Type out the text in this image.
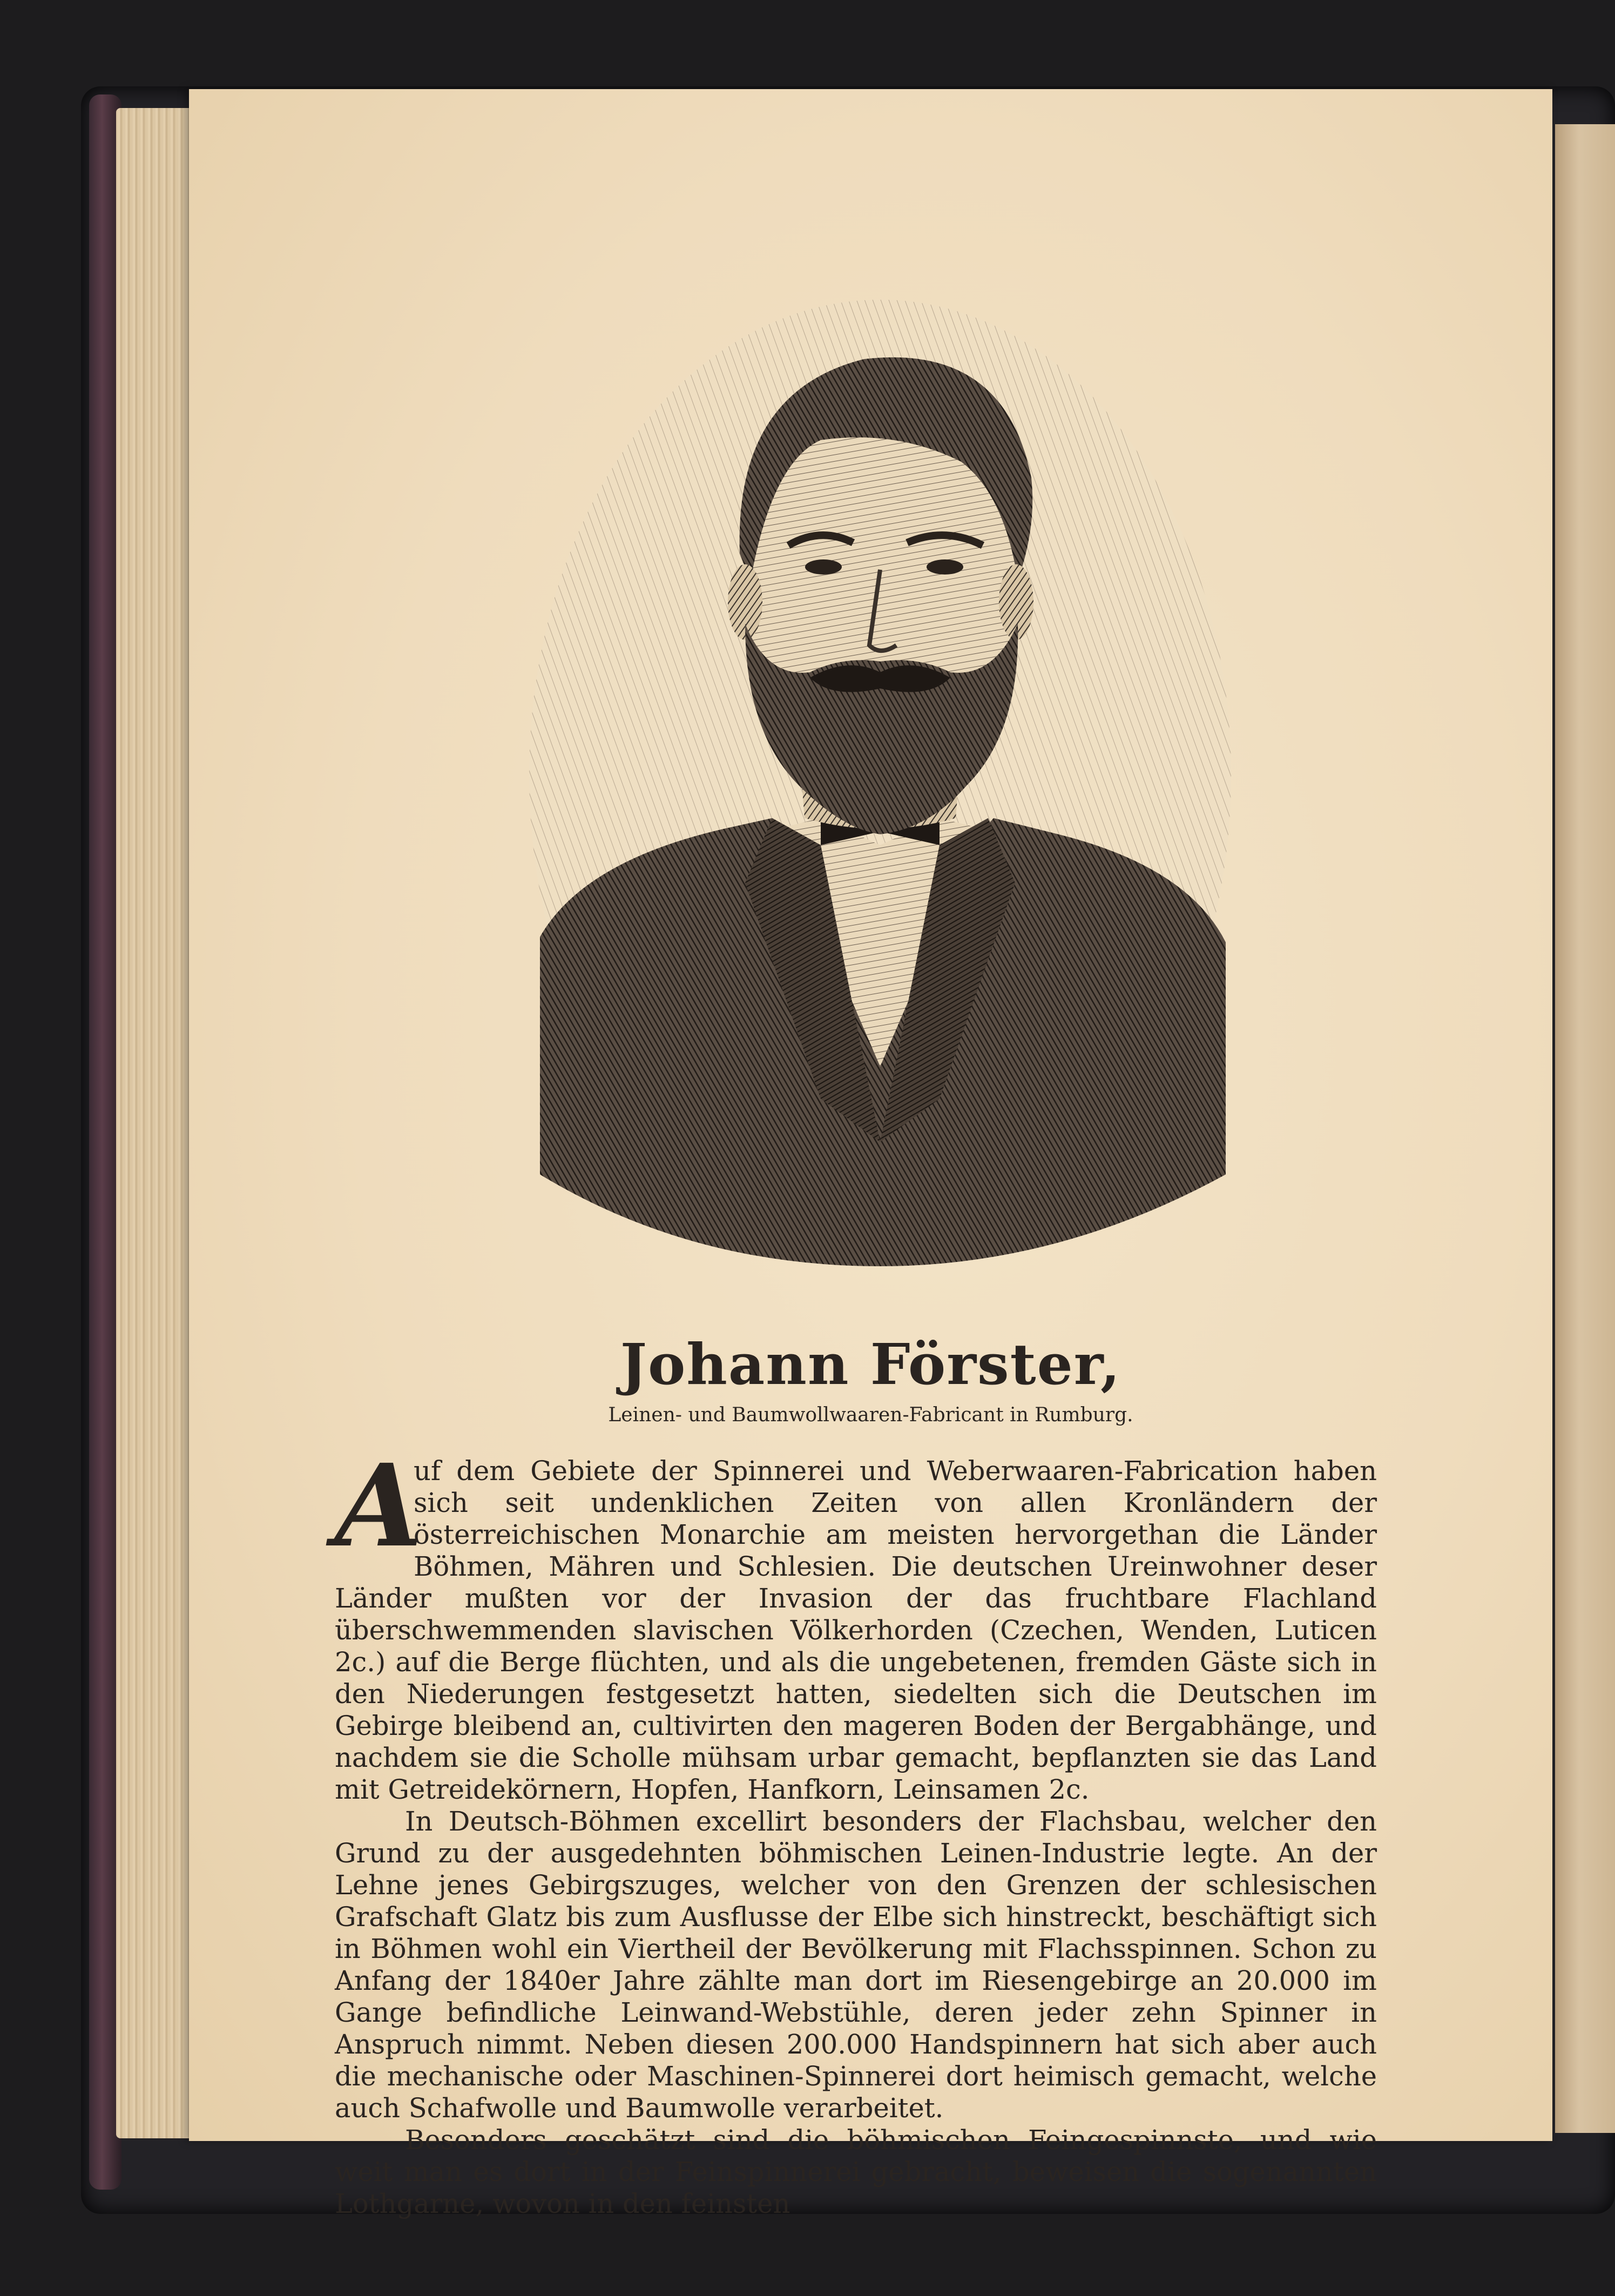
Johann Förster,

Leinen- und Baumwollwaaren-Fabricant in Rumburg.

A
uf dem Gebiete der Spinnerei und Weberwaaren-Fabrication haben sich seit undenklichen Zeiten von allen Kronländern der österreichischen Monarchie am meisten hervorgethan die Länder Böhmen, Mähren und Schlesien. Die deutschen Ureinwohner deser Länder mußten vor der Invasion der das fruchtbare Flachland überschwemmenden slavischen Völkerhorden (Czechen, Wenden, Luticen 2c.) auf die Berge flüchten, und als die ungebetenen, fremden Gäste sich in den Niederungen festgesetzt hatten, siedelten sich die Deutschen im Gebirge bleibend an, cultivirten den mageren Boden der Bergabhänge, und nachdem sie die Scholle mühsam urbar gemacht, bepflanzten sie das Land mit Getreidekörnern, Hopfen, Hanfkorn, Leinsamen 2c.

In Deutsch-Böhmen excellirt besonders der Flachsbau, welcher den Grund zu der ausgedehnten böhmischen Leinen-Industrie legte. An der Lehne jenes Gebirgszuges, welcher von den Grenzen der schlesischen Grafschaft Glatz bis zum Ausflusse der Elbe sich hinstreckt, beschäftigt sich in Böhmen wohl ein Viertheil der Bevölkerung mit Flachsspinnen. Schon zu Anfang der 1840er Jahre zählte man dort im Riesengebirge an 20.000 im Gange befindliche Leinwand-Webstühle, deren jeder zehn Spinner in Anspruch nimmt. Neben diesen 200.000 Handspinnern hat sich aber auch die mechanische oder Maschinen-Spinnerei dort heimisch gemacht, welche auch Schafwolle und Baumwolle verarbeitet.

Besonders geschätzt sind die böhmischen Feingespinnste, und wie weit man es dort in der Feinspinnerei gebracht, beweisen die sogenannten Lothgarne, wovon in den feinsten
